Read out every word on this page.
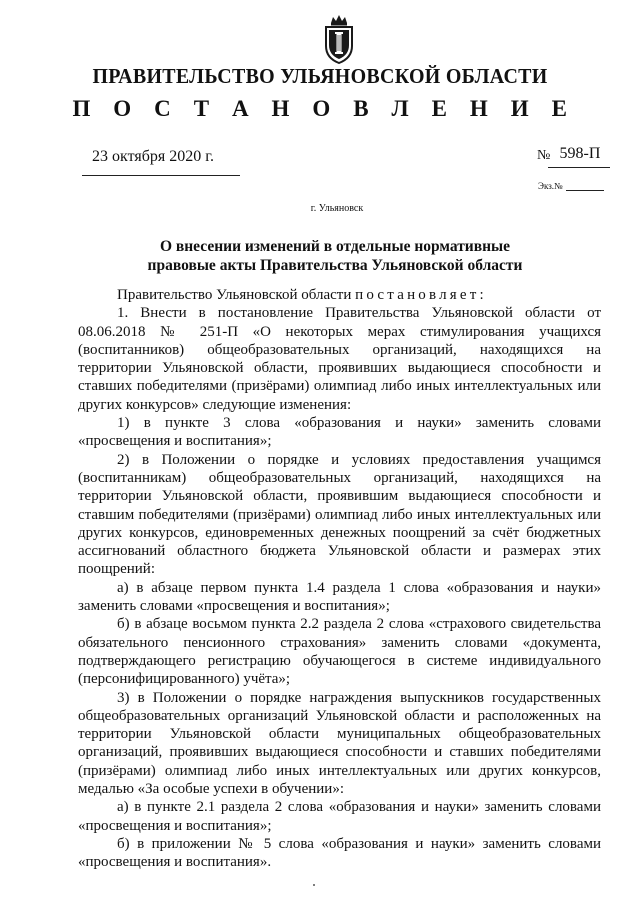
ПРАВИТЕЛЬСТВО УЛЬЯНОВСКОЙ ОБЛАСТИ
П О С Т А Н О В Л Е Н И Е
23 октября 2020 г.	№ 598-П
Экз.№
г. Ульяновск
О внесении изменений в отдельные нормативные
правовые акты Правительства Ульяновской области

Правительство Ульяновской области постановляет:

1. Внести в постановление Правительства Ульяновской области от 08.06.2018 № 251-П «О некоторых мерах стимулирования учащихся (воспитанников) общеобразовательных организаций, находящихся на территории Ульяновской области, проявивших выдающиеся способности и ставших победителями (призёрами) олимпиад либо иных интеллектуальных или других конкурсов» следующие изменения:

1) в пункте 3 слова «образования и науки» заменить словами «просвещения и воспитания»;

2) в Положении о порядке и условиях предоставления учащимся (воспитанникам) общеобразовательных организаций, находящихся на территории Ульяновской области, проявившим выдающиеся способности и ставшим победителями (призёрами) олимпиад либо иных интеллектуальных или других конкурсов, единовременных денежных поощрений за счёт бюджетных ассигнований областного бюджета Ульяновской области и размерах этих поощрений:

а) в абзаце первом пункта 1.4 раздела 1 слова «образования и науки» заменить словами «просвещения и воспитания»;

б) в абзаце восьмом пункта 2.2 раздела 2 слова «страхового свидетельства обязательного пенсионного страхования» заменить словами «документа, подтверждающего регистрацию обучающегося в системе индивидуального (персонифицированного) учёта»;

3) в Положении о порядке награждения выпускников государственных общеобразовательных организаций Ульяновской области и расположенных на территории Ульяновской области муниципальных общеобразовательных организаций, проявивших выдающиеся способности и ставших победителями (призёрами) олимпиад либо иных интеллектуальных или других конкурсов, медалью «За особые успехи в обучении»:

а) в пункте 2.1 раздела 2 слова «образования и науки» заменить словами «просвещения и воспитания»;

б) в приложении № 5 слова «образования и науки» заменить словами «просвещения и воспитания».
